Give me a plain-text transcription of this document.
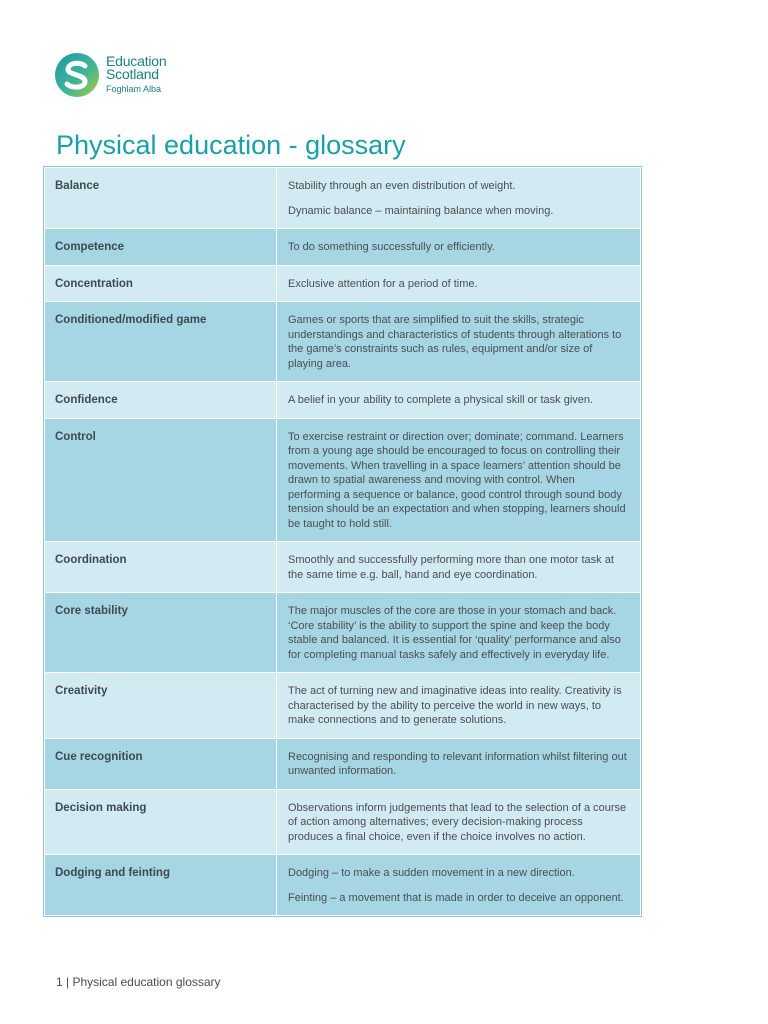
Education
Scotland
Foghlam Alba
Physical education - glossary
Balance	Stability through an even distribution of weight.

Dynamic balance – maintaining balance when moving.

Competence	To do something successfully or efficiently.

Concentration	Exclusive attention for a period of time.

Conditioned/modified game	Games or sports that are simplified to suit the skills, strategic understandings and characteristics of students through alterations to the game’s constraints such as rules, equipment and/or size of playing area.

Confidence	A belief in your ability to complete a physical skill or task given.

Control	To exercise restraint or direction over; dominate; command. Learners from a young age should be encouraged to focus on controlling their movements. When travelling in a space learners’ attention should be drawn to spatial awareness and moving with control. When performing a sequence or balance, good control through sound body tension should be an expectation and when stopping, learners should be taught to hold still.

Coordination	Smoothly and successfully performing more than one motor task at the same time e.g. ball, hand and eye coordination.

Core stability	The major muscles of the core are those in your stomach and back. ‘Core stability’ is the ability to support the spine and keep the body stable and balanced. It is essential for ‘quality’ performance and also for completing manual tasks safely and effectively in everyday life.

Creativity	The act of turning new and imaginative ideas into reality. Creativity is characterised by the ability to perceive the world in new ways, to make connections and to generate solutions.

Cue recognition	Recognising and responding to relevant information whilst filtering out unwanted information.

Decision making	Observations inform judgements that lead to the selection of a course of action among alternatives; every decision-making process produces a final choice, even if the choice involves no action.

Dodging and feinting	Dodging – to make a sudden movement in a new direction.

Feinting – a movement that is made in order to deceive an opponent.

1 | Physical education glossary
